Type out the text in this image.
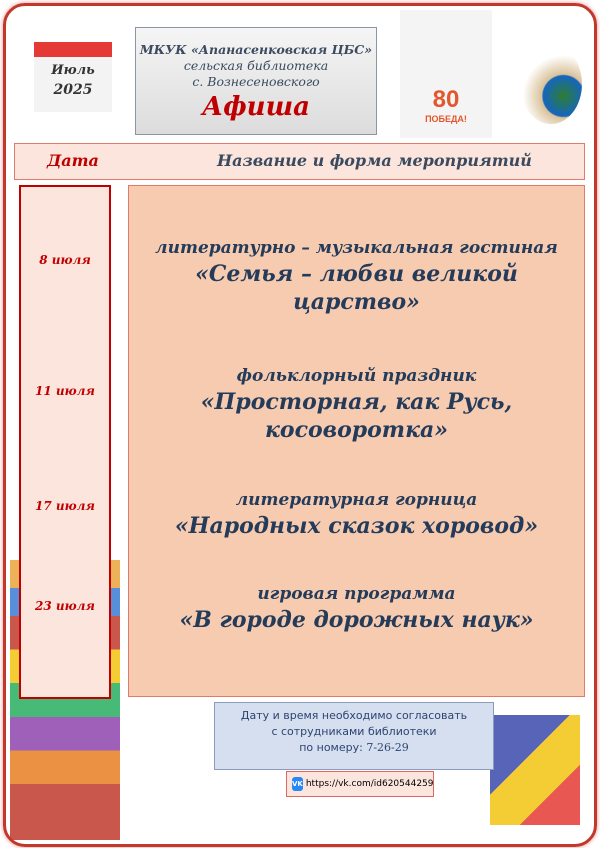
Июль
2025
МКУК «Апанасенковская ЦБС»
сельская библиотека
с. Вознесеновского
Афиша	80
ПОБЕДА!
Дата	Название и форма мероприятий
8 июля
11 июля
17 июля
23 июля
литературно – музыкальная гостиная
«Семья – любви великой царство»
фольклорный праздник
«Просторная, как Русь, косоворотка»
литературная горница
«Народных сказок хоровод»
игровая программа
«В городе дорожных наук»
Дату и время необходимо согласовать
с сотрудниками библиотеки
по номеру: 7-26-29
VK https://vk.com/id620544259
